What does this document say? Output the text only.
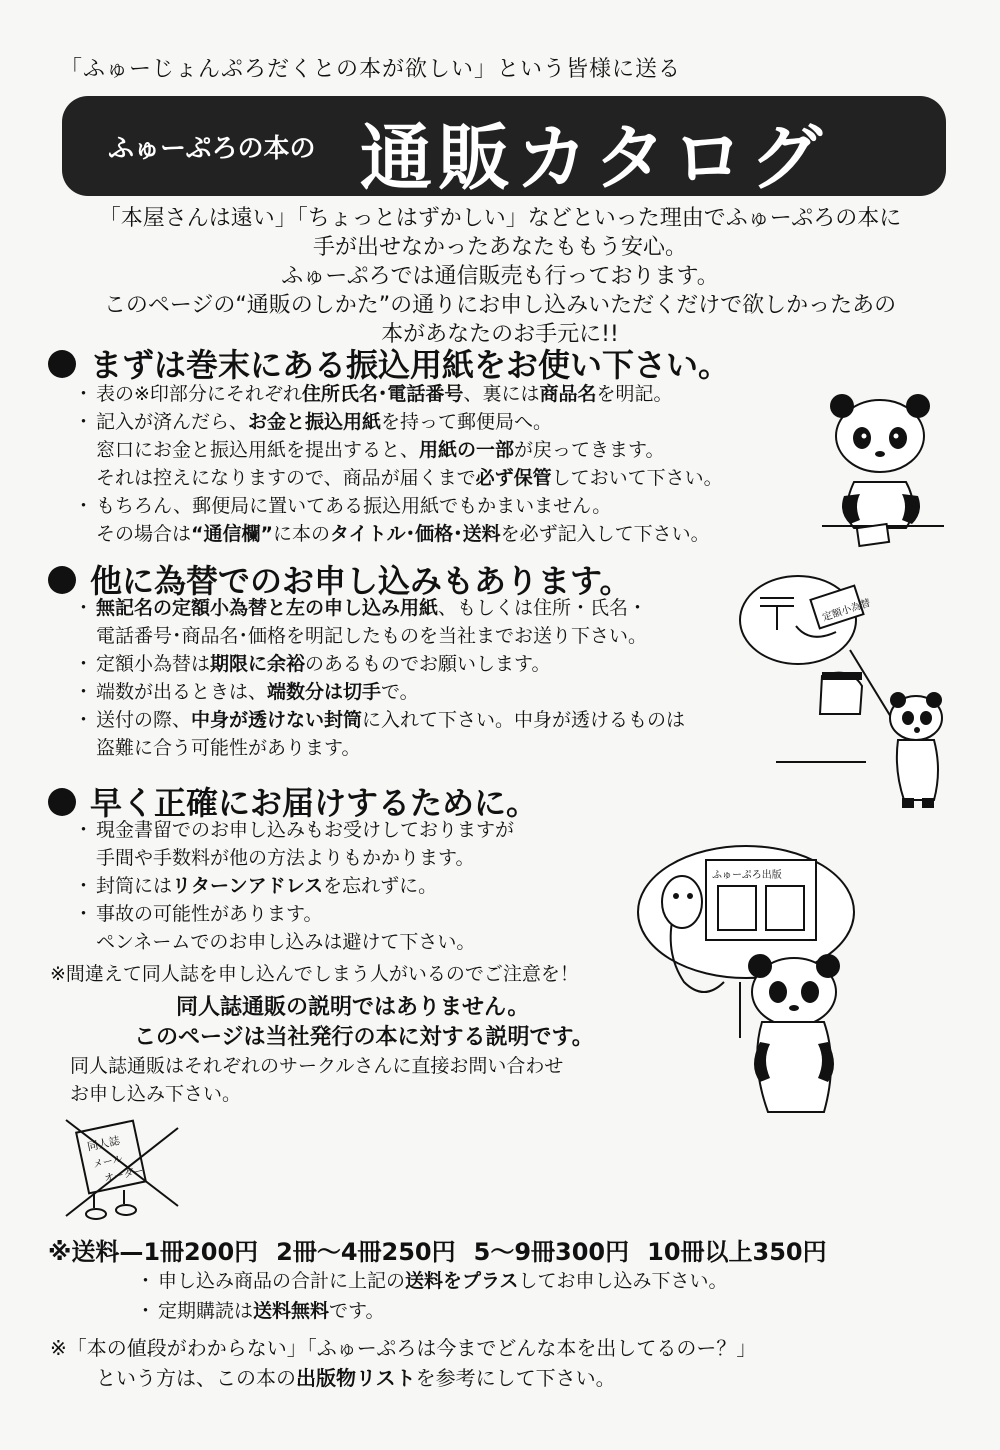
「ふゅーじょんぷろだくとの本が欲しい」という皆様に送る
ふゅーぷろの本の 通販カタログ
「本屋さんは遠い」「ちょっとはずかしい」などといった理由でふゅーぷろの本に
手が出せなかったあなたももう安心。
ふゅーぷろでは通信販売も行っております。
このページの“通販のしかた”の通りにお申し込みいただくだけで欲しかったあの
本があなたのお手元に!!
まずは巻末にある振込用紙をお使い下さい。
・ 表の※印部分にそれぞれ住所氏名･電話番号、裏には商品名を明記。
・ 記入が済んだら、お金と振込用紙を持って郵便局へ。
窓口にお金と振込用紙を提出すると、用紙の一部が戻ってきます。
それは控えになりますので、商品が届くまで必ず保管しておいて下さい。
・ もちろん、郵便局に置いてある振込用紙でもかまいません。
その場合は“通信欄”に本のタイトル･価格･送料を必ず記入して下さい。
他に為替でのお申し込みもあります。
・ 無記名の定額小為替と左の申し込み用紙、もしくは住所・氏名・
電話番号･商品名･価格を明記したものを当社までお送り下さい。
・ 定額小為替は期限に余裕のあるものでお願いします。
・ 端数が出るときは、端数分は切手で。
・ 送付の際、中身が透けない封筒に入れて下さい。中身が透けるものは
盗難に合う可能性があります。
早く正確にお届けするために。
・ 現金書留でのお申し込みもお受けしておりますが
手間や手数料が他の方法よりもかかります。
・ 封筒にはリターンアドレスを忘れずに。
・ 事故の可能性があります。
ペンネームでのお申し込みは避けて下さい。
※間違えて同人誌を申し込んでしまう人がいるのでご注意を！
同人誌通販の説明ではありません。
このページは当社発行の本に対する説明です。
同人誌通販はそれぞれのサークルさんに直接お問い合わせ
お申し込み下さい。
同人誌
メール
オーダー
定額小為替
ふゅーぷろ出版
※送料—1冊200円 2冊〜4冊250円 5〜9冊300円 10冊以上350円
・ 申し込み商品の合計に上記の送料をプラスしてお申し込み下さい。
・ 定期購読は送料無料です。
※「本の値段がわからない」「ふゅーぷろは今までどんな本を出してるのー？」
という方は、この本の出版物リストを参考にして下さい。
